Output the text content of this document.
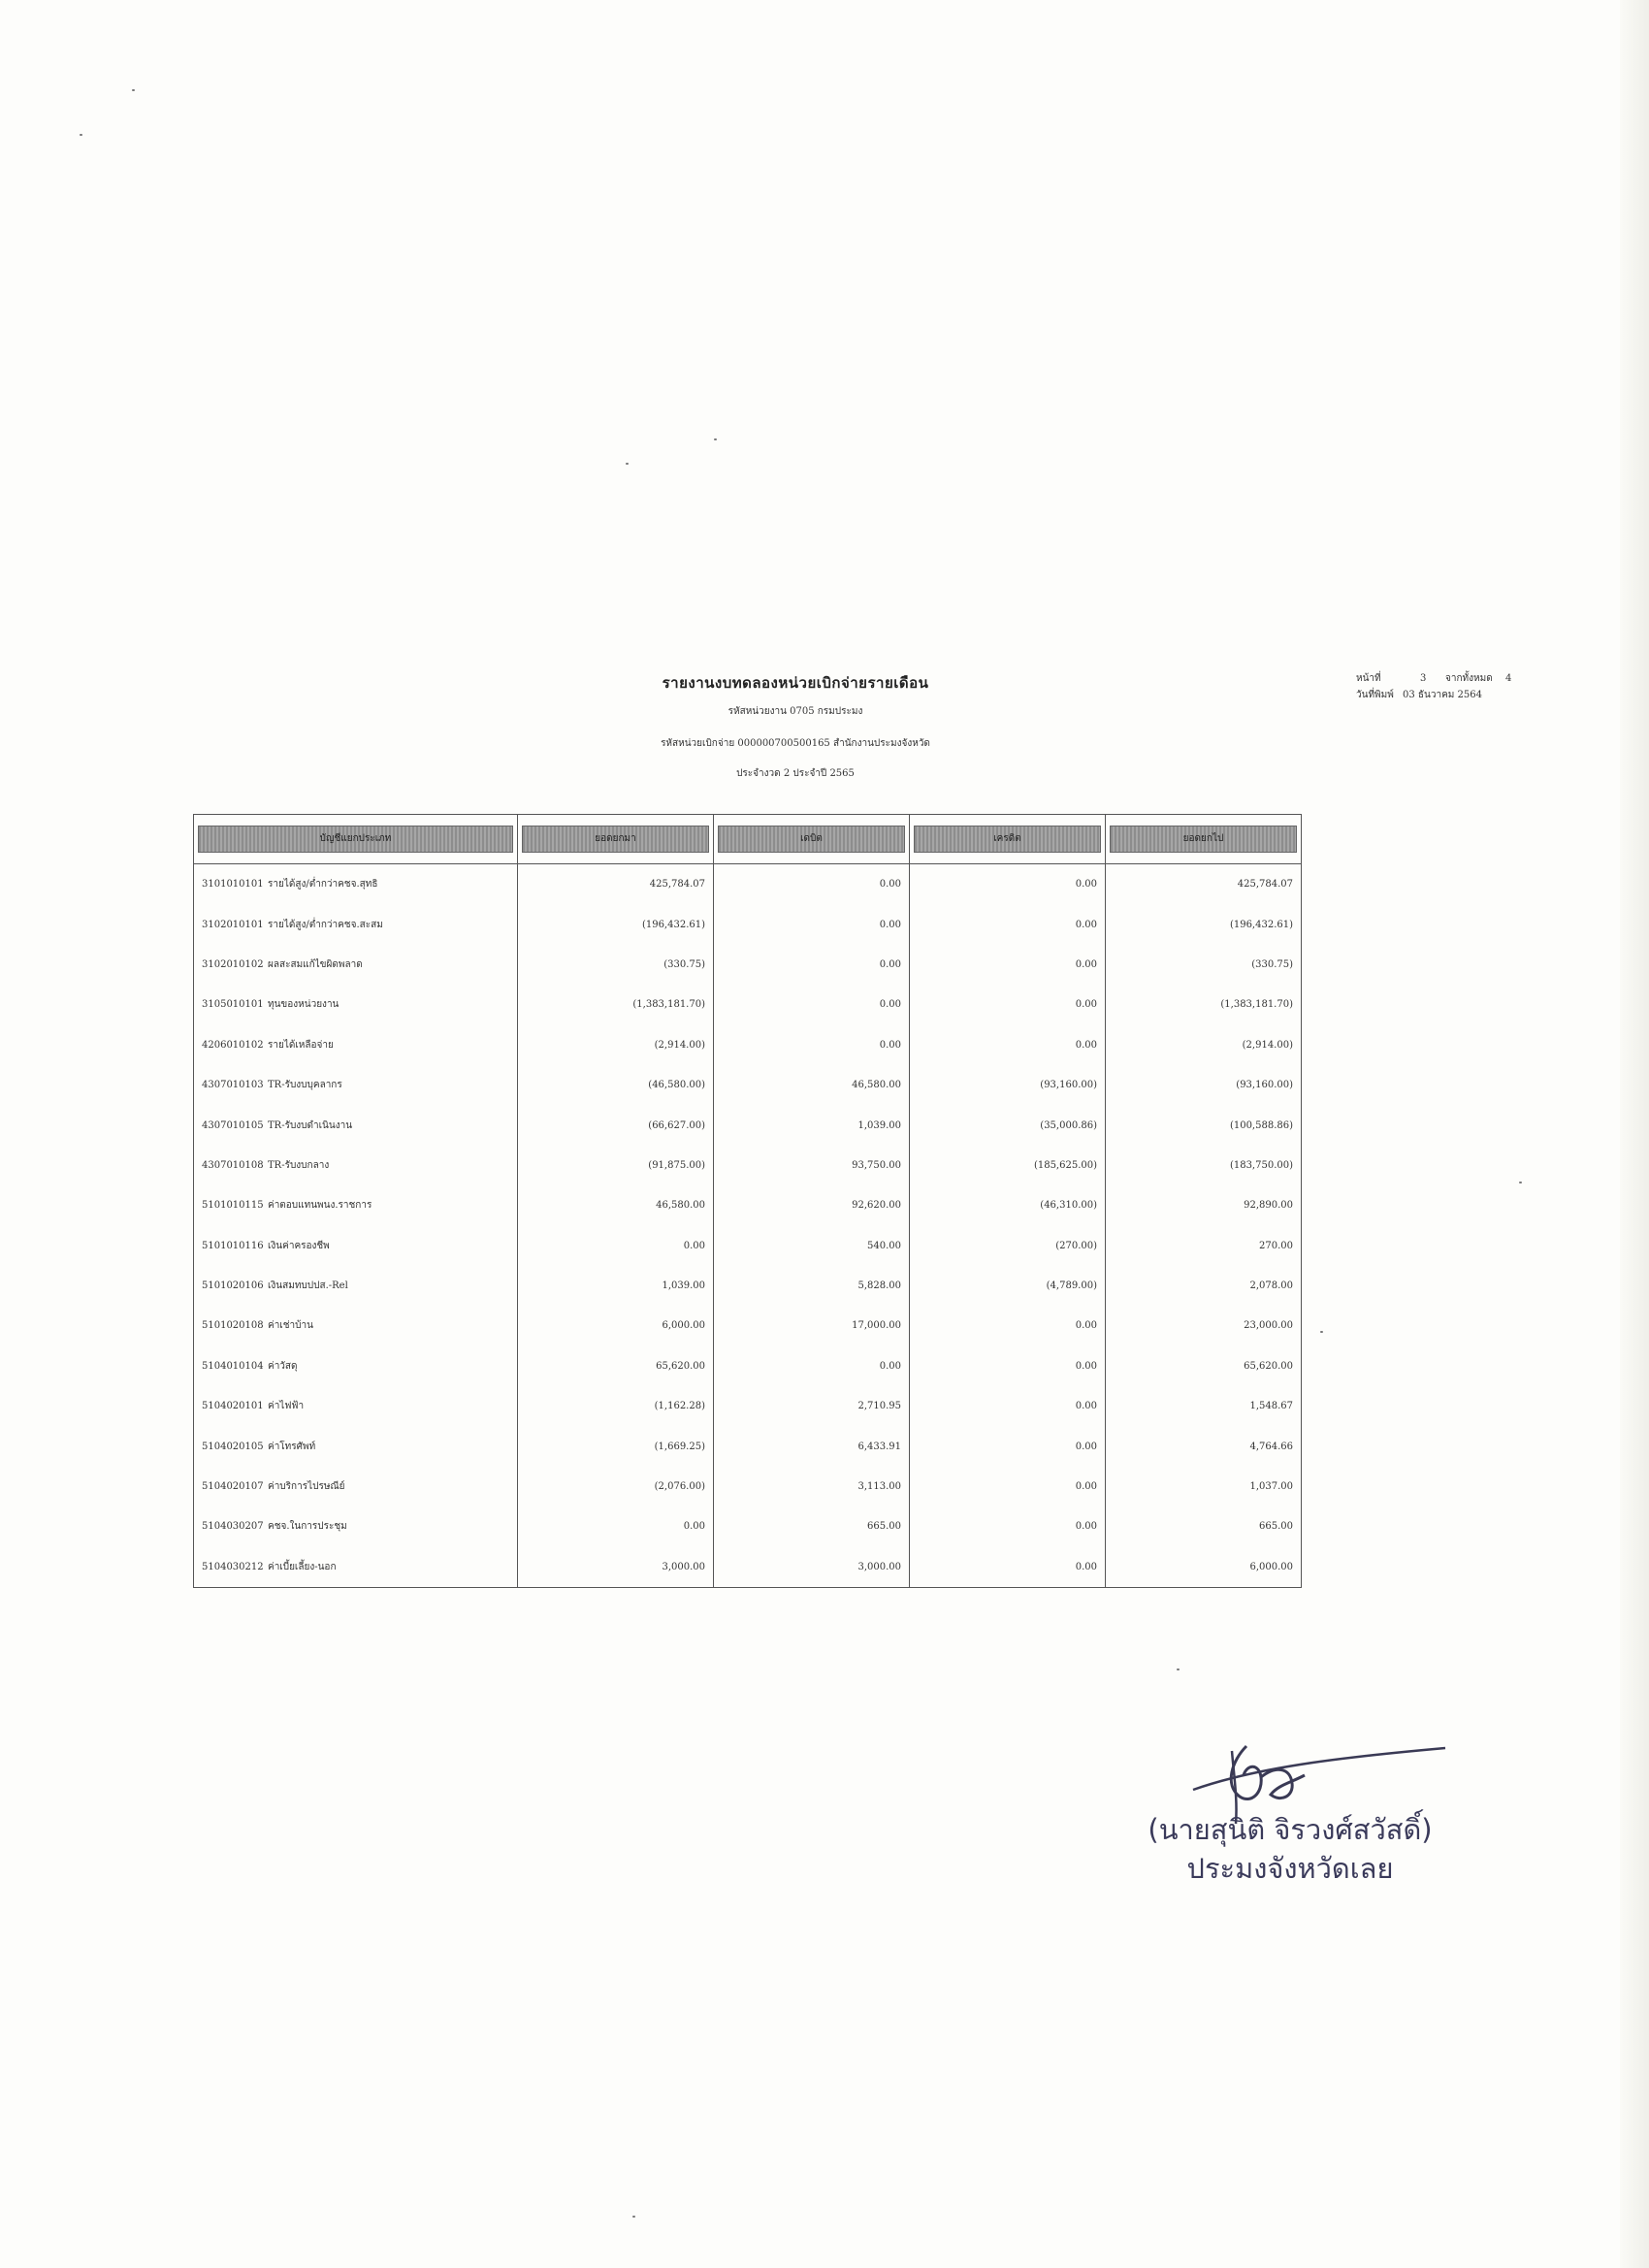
รายงานงบทดลองหน่วยเบิกจ่ายรายเดือน
รหัสหน่วยงาน 0705 กรมประมง
รหัสหน่วยเบิกจ่าย 000000700500165 สำนักงานประมงจังหวัด
ประจำงวด 2 ประจำปี 2565
หน้าที่	3 จากทั้งหมด 4
วันที่พิมพ์ 03 ธันวาคม 2564
บัญชีแยกประเภท	ยอดยกมา	เดบิต	เครดิต	ยอดยกไป

3101010101 รายได้สูง/ต่ำกว่าคชจ.สุทธิ	425,784.07	0.00	0.00	425,784.07
3102010101 รายได้สูง/ต่ำกว่าคชจ.สะสม	(196,432.61)	0.00	0.00	(196,432.61)
3102010102 ผลสะสมแก้ไขผิดพลาด	(330.75)	0.00	0.00	(330.75)
3105010101 ทุนของหน่วยงาน	(1,383,181.70)	0.00	0.00	(1,383,181.70)
4206010102 รายได้เหลือจ่าย	(2,914.00)	0.00	0.00	(2,914.00)
4307010103 TR-รับงบบุคลากร	(46,580.00)	46,580.00	(93,160.00)	(93,160.00)
4307010105 TR-รับงบดำเนินงาน	(66,627.00)	1,039.00	(35,000.86)	(100,588.86)
4307010108 TR-รับงบกลาง	(91,875.00)	93,750.00	(185,625.00)	(183,750.00)
5101010115 ค่าตอบแทนพนง.ราชการ	46,580.00	92,620.00	(46,310.00)	92,890.00
5101010116 เงินค่าครองชีพ	0.00	540.00	(270.00)	270.00
5101020106 เงินสมทบปปส.-Rel	1,039.00	5,828.00	(4,789.00)	2,078.00
5101020108 ค่าเช่าบ้าน	6,000.00	17,000.00	0.00	23,000.00
5104010104 ค่าวัสดุ	65,620.00	0.00	0.00	65,620.00
5104020101 ค่าไฟฟ้า	(1,162.28)	2,710.95	0.00	1,548.67
5104020105 ค่าโทรศัพท์	(1,669.25)	6,433.91	0.00	4,764.66
5104020107 ค่าบริการไปรษณีย์	(2,076.00)	3,113.00	0.00	1,037.00
5104030207 คชจ.ในการประชุม	0.00	665.00	0.00	665.00
5104030212 ค่าเบี้ยเลี้ยง-นอก	3,000.00	3,000.00	0.00	6,000.00
(นายสุนิติ จิรวงศ์สวัสดิ์)
ประมงจังหวัดเลย
